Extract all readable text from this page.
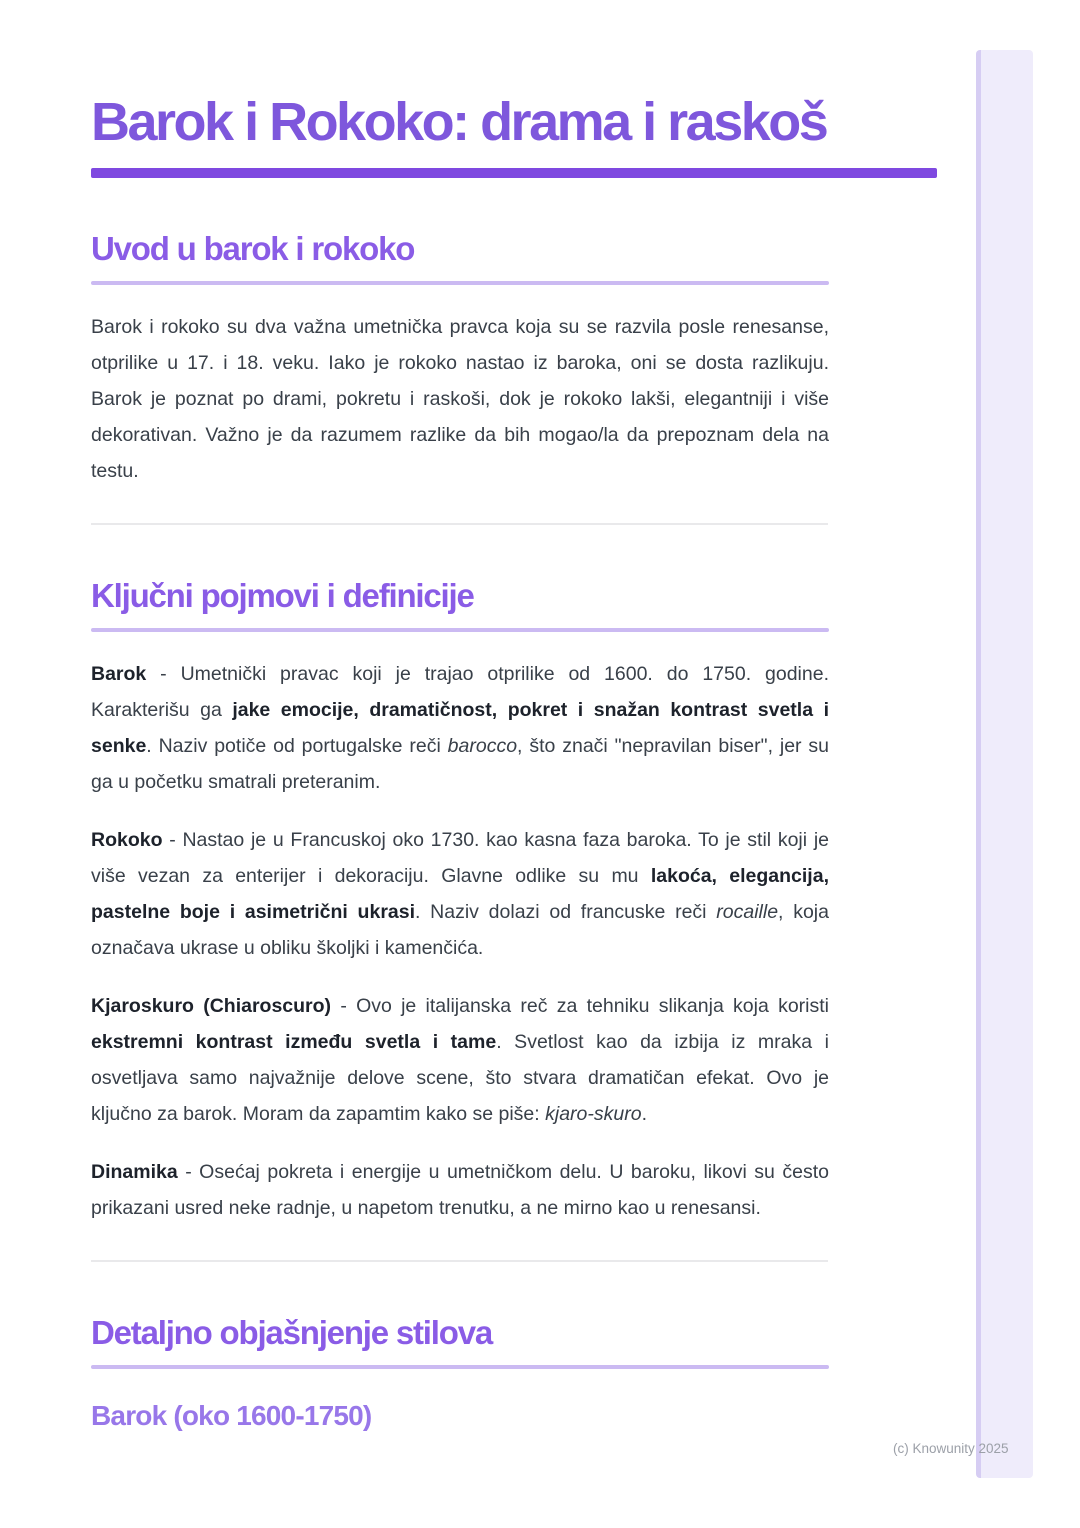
Barok i Rokoko: drama i raskoš
Uvod u barok i rokoko

Barok i rokoko su dva važna umetnička pravca koja su se razvila posle renesanse, otprilike u 17. i 18. veku. Iako je rokoko nastao iz baroka, oni se dosta razlikuju. Barok je poznat po drami, pokretu i raskoši, dok je rokoko lakši, elegantniji i više dekorativan. Važno je da razumem razlike da bih mogao/la da prepoznam dela na testu.

Ključni pojmovi i definicije

Barok - Umetnički pravac koji je trajao otprilike od 1600. do 1750. godine. Karakterišu ga jake emocije, dramatičnost, pokret i snažan kontrast svetla i senke. Naziv potiče od portugalske reči barocco, što znači "nepravilan biser", jer su ga u početku smatrali preteranim.

Rokoko - Nastao je u Francuskoj oko 1730. kao kasna faza baroka. To je stil koji je više vezan za enterijer i dekoraciju. Glavne odlike su mu lakoća, elegancija, pastelne boje i asimetrični ukrasi. Naziv dolazi od francuske reči rocaille, koja označava ukrase u obliku školjki i kamenčića.

Kjaroskuro (Chiaroscuro) - Ovo je italijanska reč za tehniku slikanja koja koristi ekstremni kontrast između svetla i tame. Svetlost kao da izbija iz mraka i osvetljava samo najvažnije delove scene, što stvara dramatičan efekat. Ovo je ključno za barok. Moram da zapamtim kako se piše: kjaro-skuro.

Dinamika - Osećaj pokreta i energije u umetničkom delu. U baroku, likovi su često prikazani usred neke radnje, u napetom trenutku, a ne mirno kao u renesansi.

Detaljno objašnjenje stilova
Barok (oko 1600-1750)
(c) Knowunity 2025
